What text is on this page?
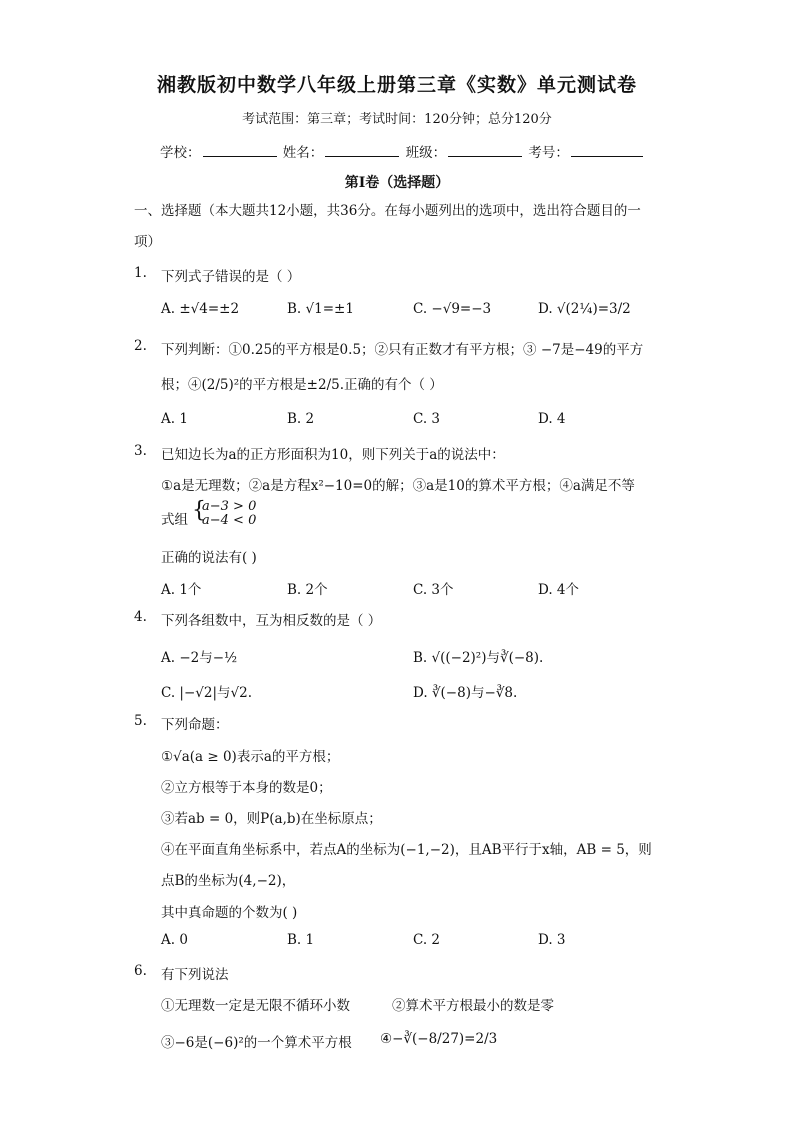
湘教版初中数学八年级上册第三章《实数》单元测试卷
考试范围：第三章；考试时间：120分钟；总分120分
学校：	姓名：	班级：	考号：
第I卷（选择题）
一、选择题（本大题共12小题，共36分。在每小题列出的选项中，选出符合题目的一
项）
1. 下列式子错误的是（ ）
A. ±√4=±2	B. √1=±1	C. −√9=−3	D. √(2¼)=3/2
2. 下列判断：①0.25的平方根是0.5；②只有正数才有平方根；③ −7是−49的平方
根；④(2/5)²的平方根是±2/5.正确的有个（ ）
A. 1	B. 2	C. 3	D. 4
3. 已知边长为a的正方形面积为10，则下列关于a的说法中：
①a是无理数；②a是方程x²−10=0的解；③a是10的算术平方根；④a满足不等
式组 {
a−3 > 0
a−4 < 0
正确的说法有( )
A. 1个	B. 2个	C. 3个	D. 4个
4. 下列各组数中，互为相反数的是（ ）
A. −2与−½	B. √((−2)²)与∛(−8).
C. |−√2|与√2.	D. ∛(−8)与−∛8.
5. 下列命题：
①√a(a ≥ 0)表示a的平方根；
②立方根等于本身的数是0；
③若ab = 0，则P(a,b)在坐标原点；
④在平面直角坐标系中，若点A的坐标为(−1,−2)，且AB平行于x轴，AB = 5，则
点B的坐标为(4,−2)，
其中真命题的个数为( )
A. 0	B. 1	C. 2	D. 3
6. 有下列说法
①无理数一定是无限不循环小数	②算术平方根最小的数是零
③−6是(−6)²的一个算术平方根 ④−∛(−8/27)=2/3
